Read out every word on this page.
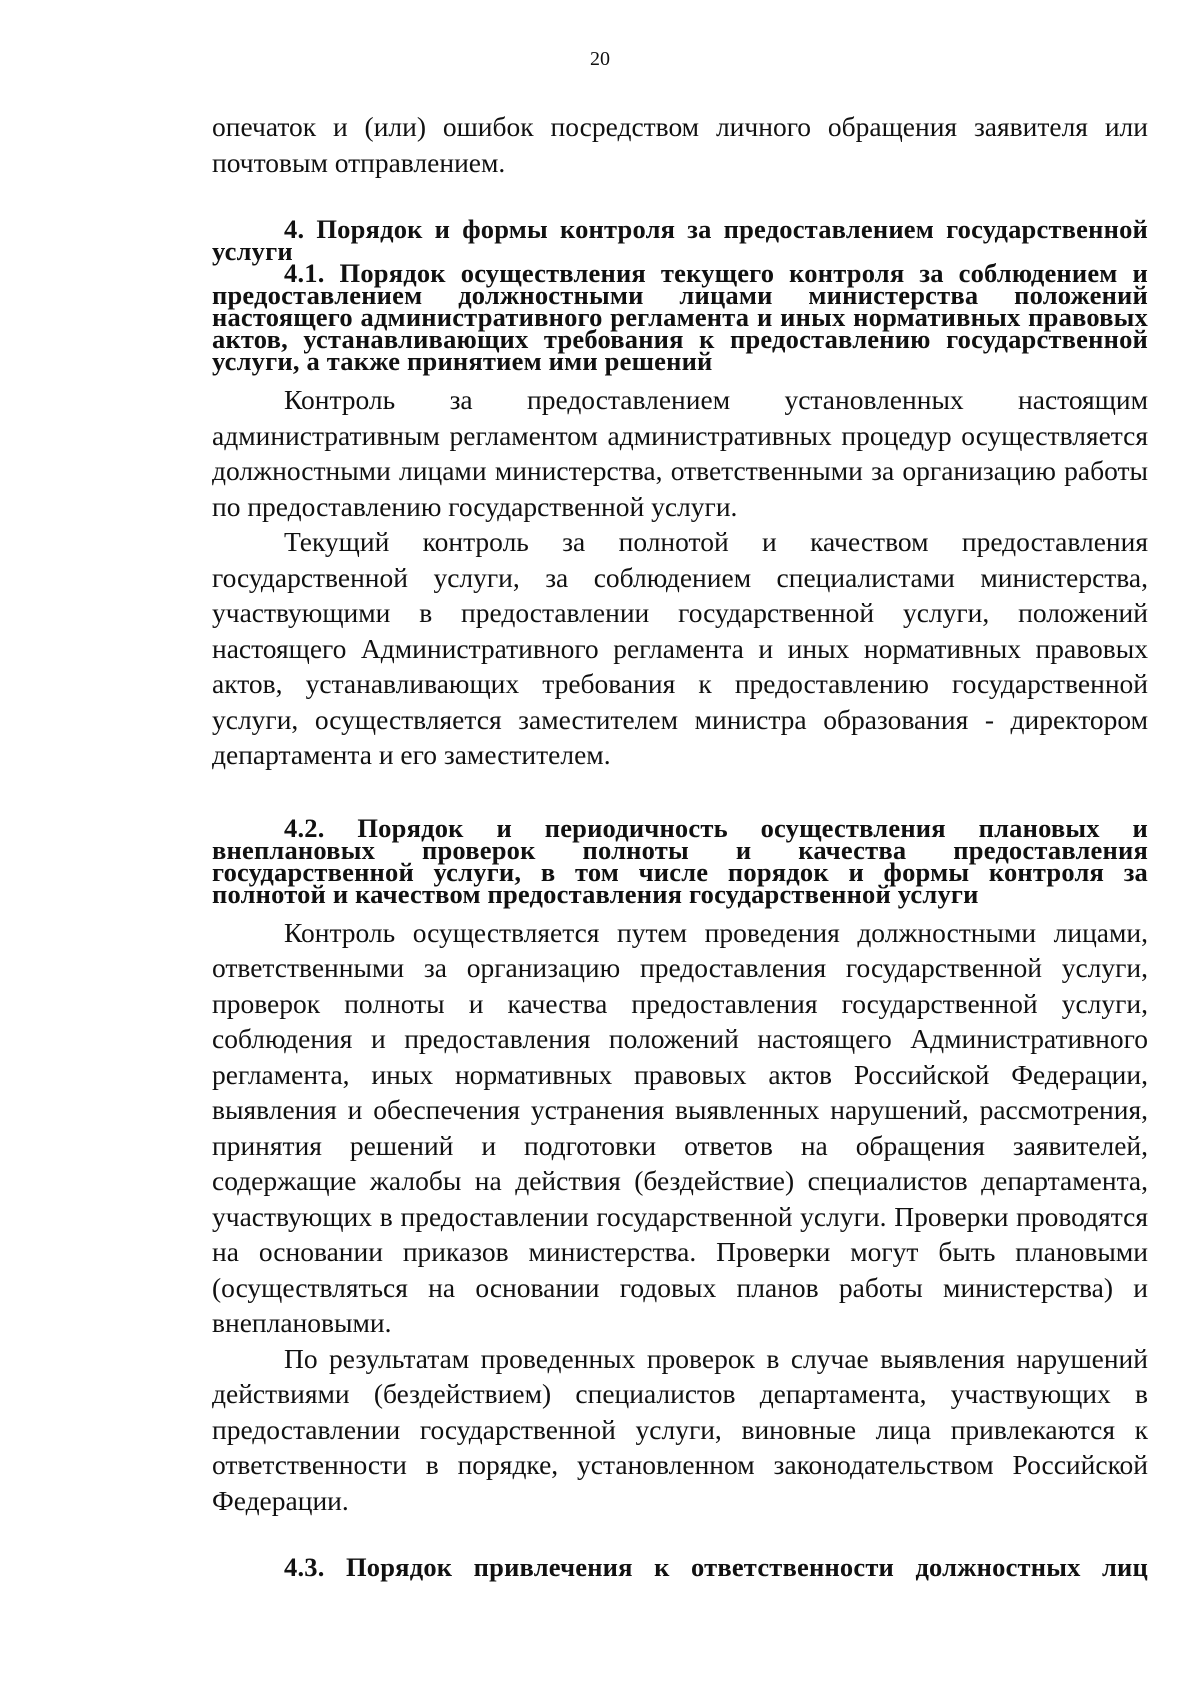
20

опечаток и (или) ошибок посредством личного обращения заявителя или почтовым отправлением.

4. Порядок и формы контроля за предоставлением государственной услуги

4.1. Порядок осуществления текущего контроля за соблюдением и предоставлением должностными лицами министерства положений настоящего административного регламента и иных нормативных правовых актов, устанавливающих требования к предоставлению государственной услуги, а также принятием ими решений

Контроль за предоставлением установленных настоящим административным регламентом административных процедур осуществляется должностными лицами министерства, ответственными за организацию работы по предоставлению государственной услуги.

Текущий контроль за полнотой и качеством предоставления государственной услуги, за соблюдением специалистами министерства, участвующими в предоставлении государственной услуги, положений настоящего Административного регламента и иных нормативных правовых актов, устанавливающих требования к предоставлению государственной услуги, осуществляется заместителем министра образования - директором департамента и его заместителем.

4.2. Порядок и периодичность осуществления плановых и внеплановых проверок полноты и качества предоставления государственной услуги, в том числе порядок и формы контроля за полнотой и качеством предоставления государственной услуги

Контроль осуществляется путем проведения должностными лицами, ответственными за организацию предоставления государственной услуги, проверок полноты и качества предоставления государственной услуги, соблюдения и предоставления положений настоящего Административного регламента, иных нормативных правовых актов Российской Федерации, выявления и обеспечения устранения выявленных нарушений, рассмотрения, принятия решений и подготовки ответов на обращения заявителей, содержащие жалобы на действия (бездействие) специалистов департамента, участвующих в предоставлении государственной услуги. Проверки проводятся на основании приказов министерства. Проверки могут быть плановыми (осуществляться на основании годовых планов работы министерства) и внеплановыми.

По результатам проведенных проверок в случае выявления нарушений действиями (бездействием) специалистов департамента, участвующих в предоставлении государственной услуги, виновные лица привлекаются к ответственности в порядке, установленном законодательством Российской Федерации.

4.3. Порядок привлечения к ответственности должностных лиц
